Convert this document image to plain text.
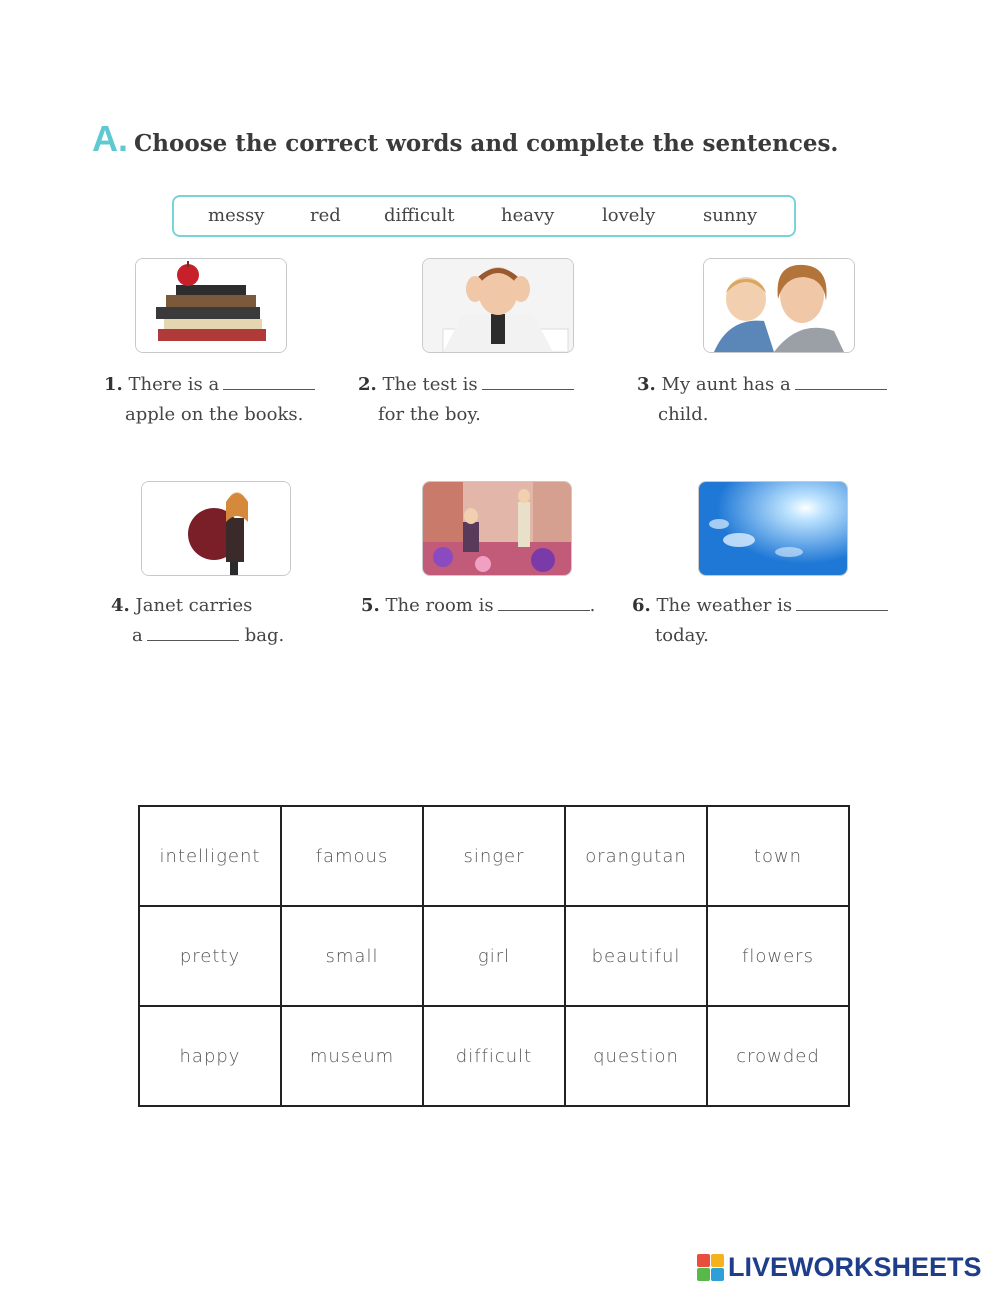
A. Choose the correct words and complete the sentences.
messy	red difficult	heavy	lovely	sunny
1. There is a
apple on the books.
2. The test is
for the boy.
3. My aunt has a
child.
4. Janet carries
a	bag.
5. The room is	. 6. The weather is
today.
intelligent	famous	singer	orangutan	town
pretty	small	girl	beautiful	flowers
happy	museum	difficult	question	crowded
LIVEWORKSHEETS
